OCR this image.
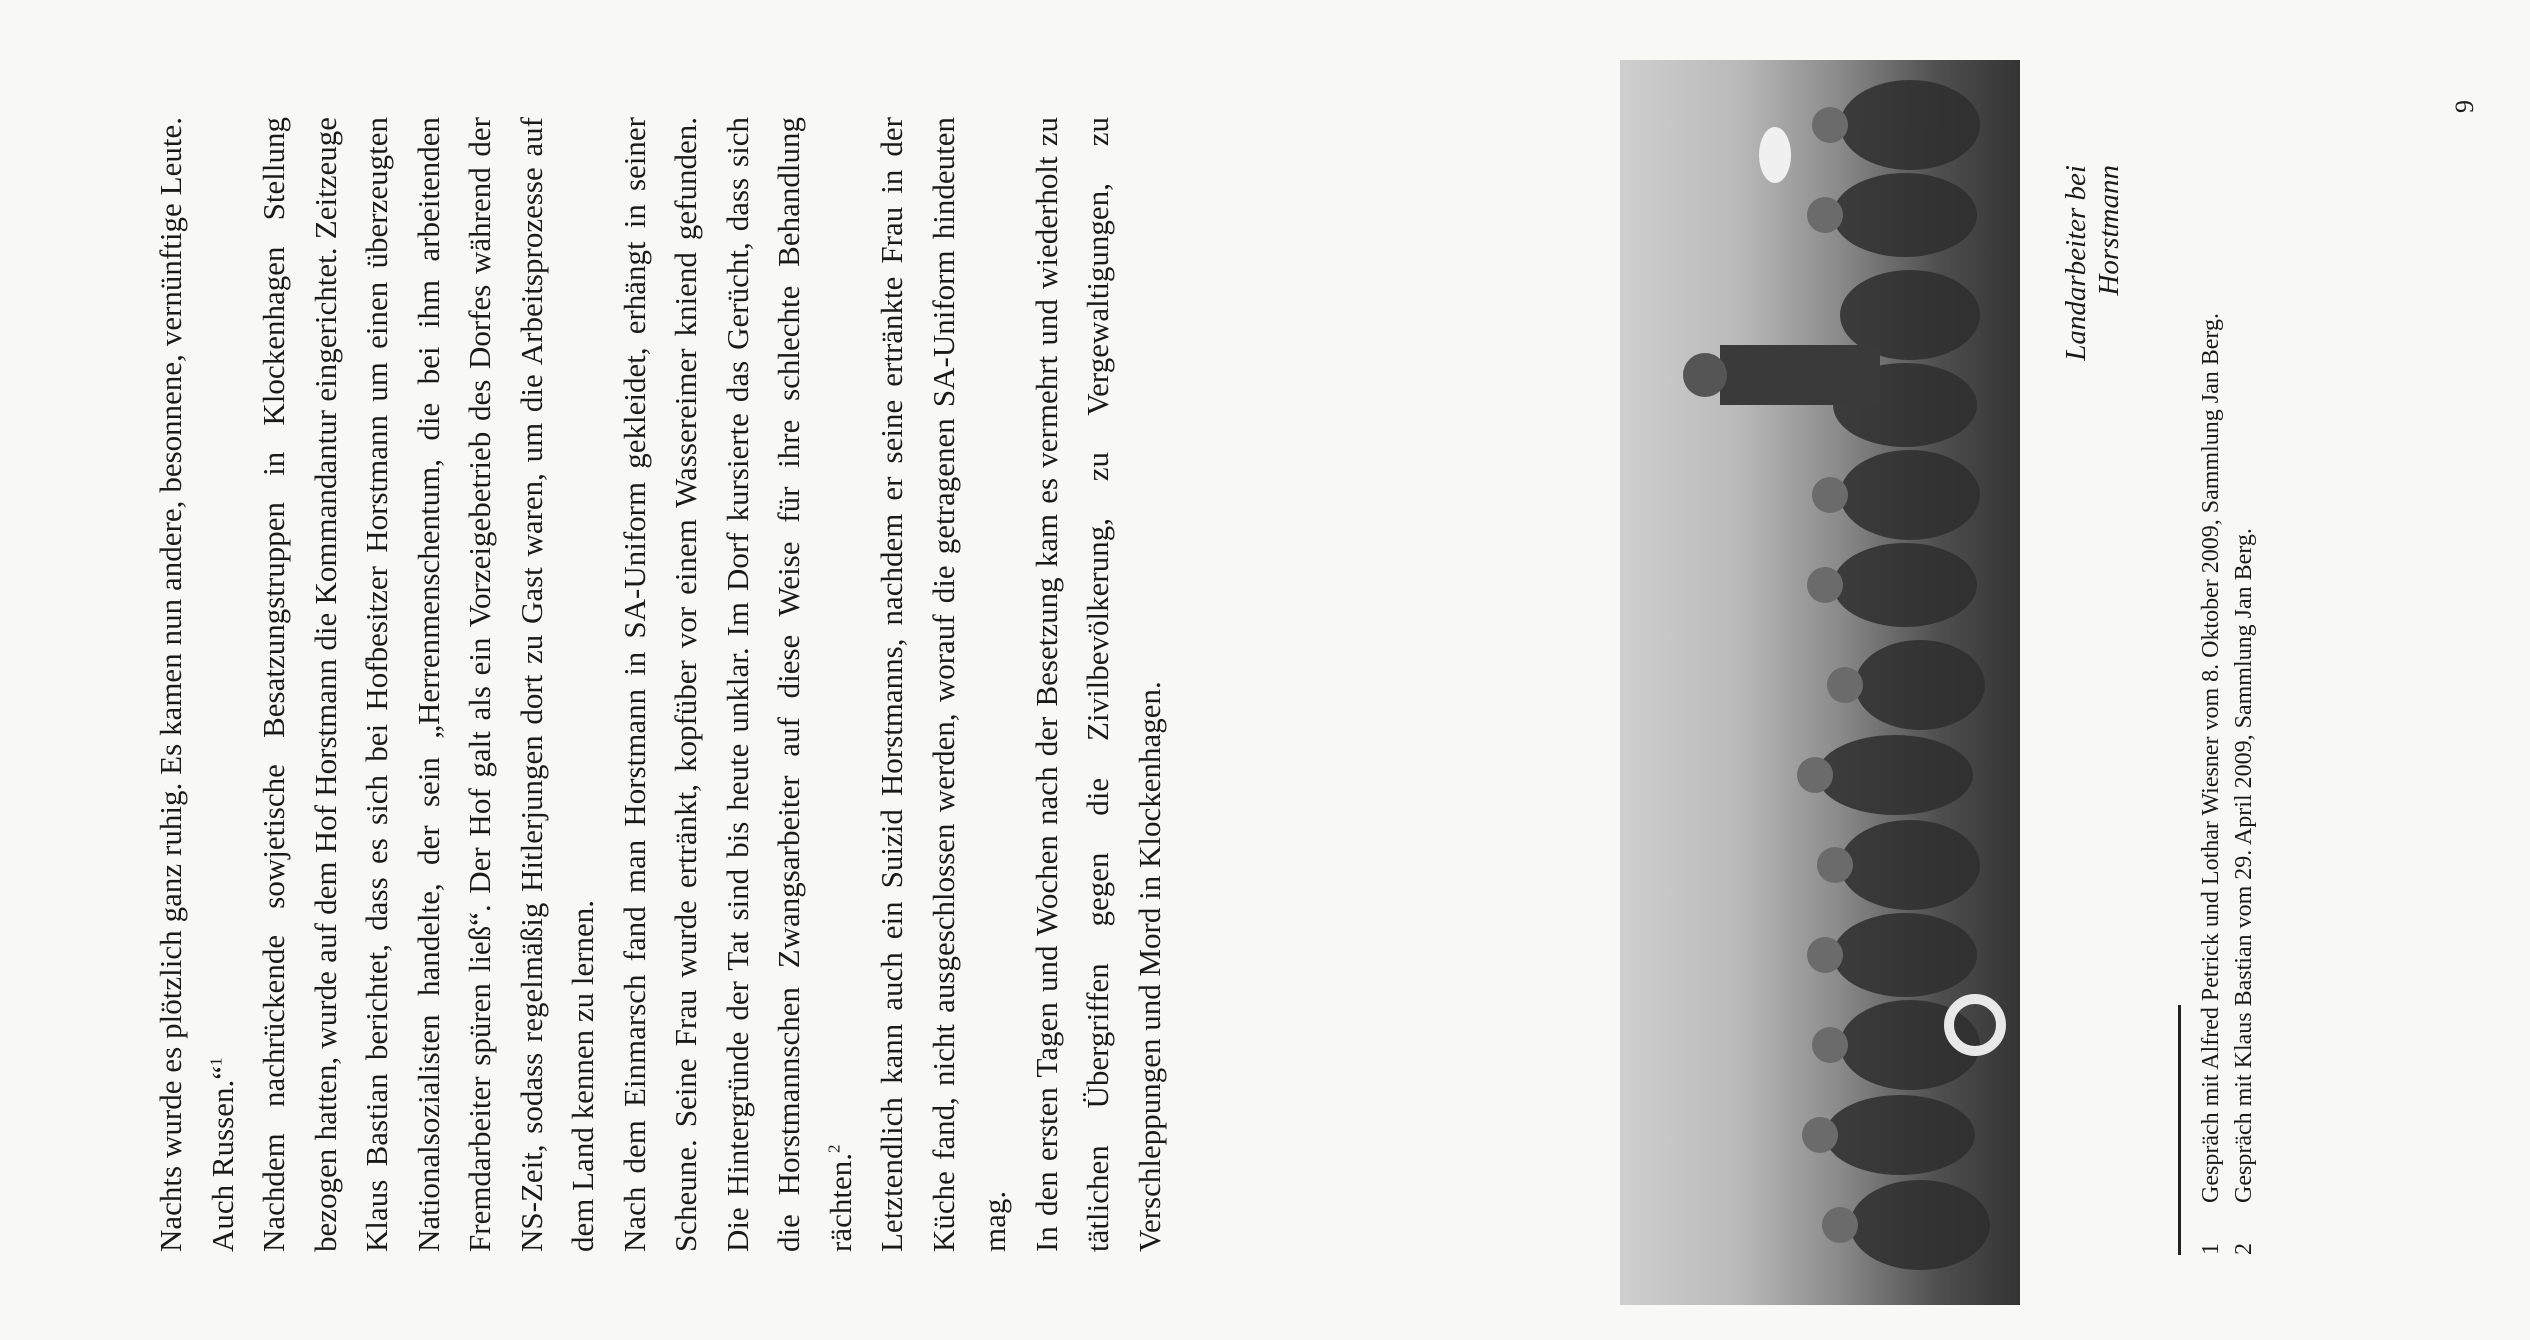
Nachts wurde es plötzlich ganz ruhig. Es kamen nun andere, besonnene, vernünftige Leute. Auch Russen.“$^1$ Nachdem nachrückende sowjetische Besatzungstruppen in Klockenhagen Stellung bezogen hatten, wurde auf dem Hof Horstmann die Kommandantur eingerichtet. Zeitzeuge Klaus Bastian berichtet, dass es sich bei Hofbesitzer Horstmann um einen überzeugten Nationalsozialisten handelte, der sein „Herrenmenschentum, die bei ihm arbeitenden Fremdarbeiter spüren ließ“. Der Hof galt als ein Vorzeigebetrieb des Dorfes während der NS-Zeit, sodass regelmäßig Hitlerjungen dort zu Gast waren, um die Arbeitsprozesse auf dem Land kennen zu lernen. Nach dem Einmarsch fand man Horstmann in SA-Uniform gekleidet, erhängt in seiner Scheune. Seine Frau wurde ertränkt, kopfüber vor einem Wassereimer kniend gefunden. Die Hintergründe der Tat sind bis heute unklar. Im Dorf kursierte das Gerücht, dass sich die Horstmannschen Zwangsarbeiter auf diese Weise für ihre schlechte Behandlung rächten.$^2$ Letztendlich kann auch ein Suizid Horstmanns, nachdem er seine ertränkte Frau in der Küche fand, nicht ausgeschlossen werden, worauf die getragenen SA-Uniform hindeuten mag. In den ersten Tagen und Wochen nach der Besetzung kam es vermehrt und wiederholt zu tätlichen Übergriffen gegen die Zivilbevölkerung, zu Vergewaltigungen, zu Verschleppungen und Mord in Klockenhagen.

Landarbeiter bei Horstmann
1
Gespräch mit Alfred Petrick und Lothar Wiesner vom 8. Oktober 2009, Sammlung Jan Berg.
2
Gespräch mit Klaus Bastian vom 29. April 2009, Sammlung Jan Berg.
9
